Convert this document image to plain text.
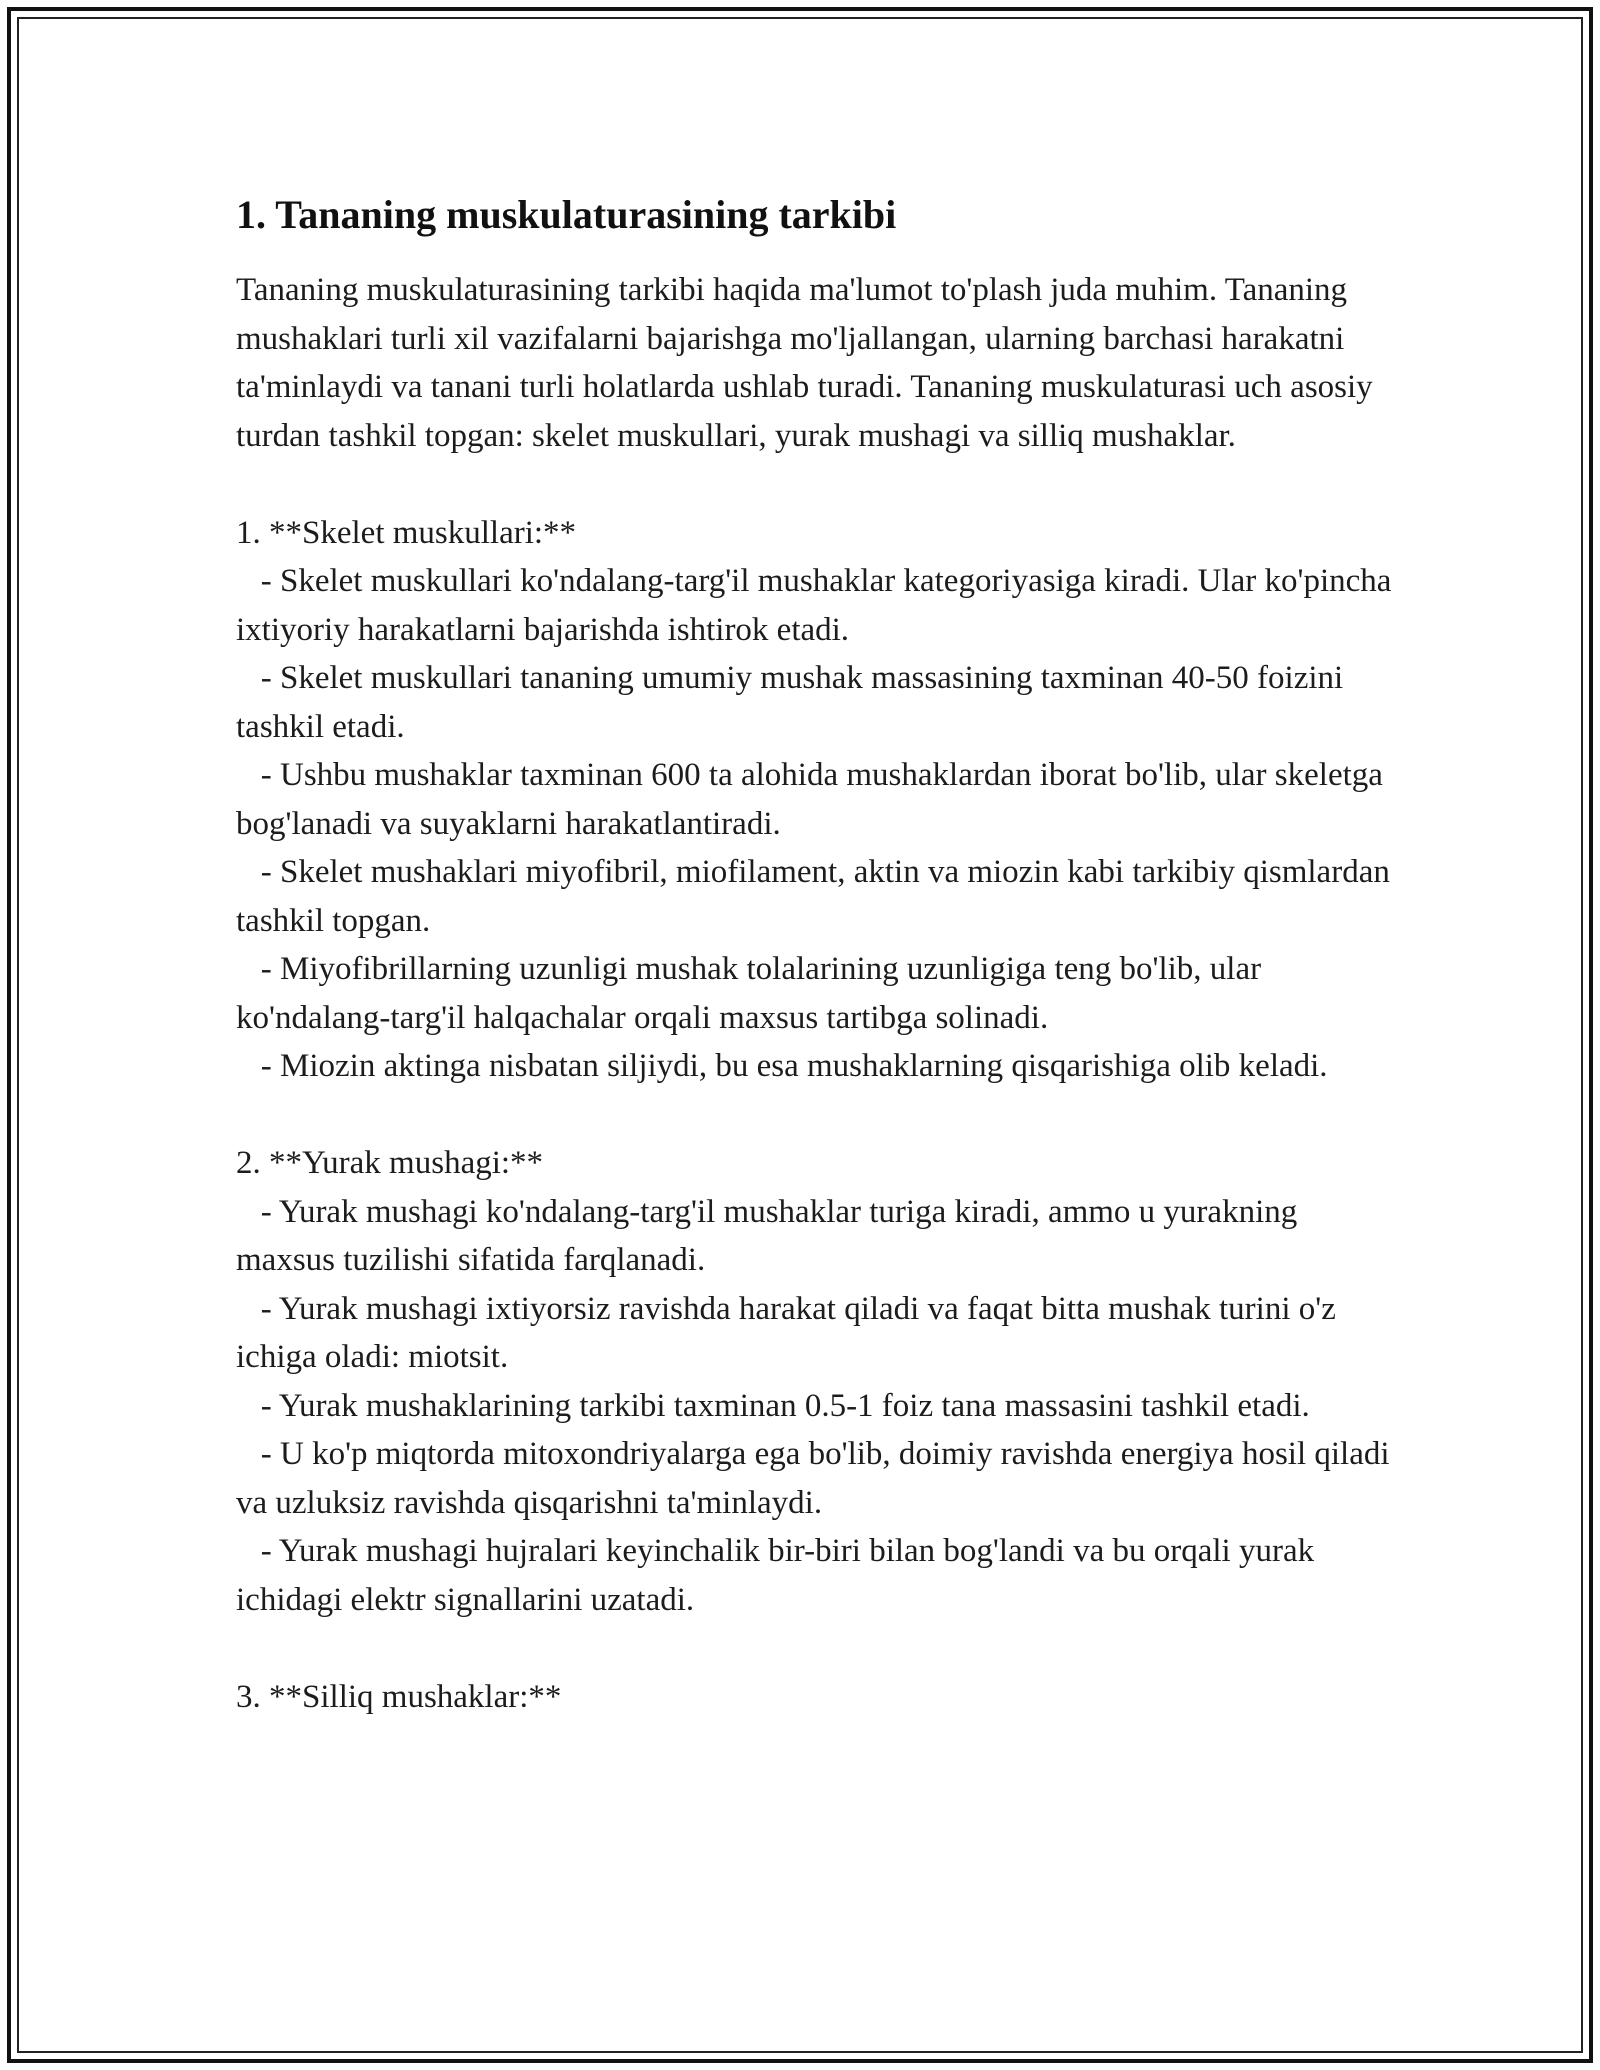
1. Tananing muskulaturasining tarkibi

Tananing muskulaturasining tarkibi haqida ma'lumot to'plash juda muhim. Tananing mushaklari turli xil vazifalarni bajarishga mo'ljallangan, ularning barchasi harakatni ta'minlaydi va tanani turli holatlarda ushlab turadi. Tananing muskulaturasi uch asosiy turdan tashkil topgan: skelet muskullari, yurak mushagi va silliq mushaklar.

1. **Skelet muskullari:**

- Skelet muskullari ko'ndalang-targ'il mushaklar kategoriyasiga kiradi. Ular ko'pincha ixtiyoriy harakatlarni bajarishda ishtirok etadi.

- Skelet muskullari tananing umumiy mushak massasining taxminan 40-50 foizini tashkil etadi.

- Ushbu mushaklar taxminan 600 ta alohida mushaklardan iborat bo'lib, ular skeletga bog'lanadi va suyaklarni harakatlantiradi.

- Skelet mushaklari miyofibril, miofilament, aktin va miozin kabi tarkibiy qismlardan tashkil topgan.

- Miyofibrillarning uzunligi mushak tolalarining uzunligiga teng bo'lib, ular ko'ndalang-targ'il halqachalar orqali maxsus tartibga solinadi.

- Miozin aktinga nisbatan siljiydi, bu esa mushaklarning qisqarishiga olib keladi.

2. **Yurak mushagi:**

- Yurak mushagi ko'ndalang-targ'il mushaklar turiga kiradi, ammo u yurakning maxsus tuzilishi sifatida farqlanadi.

- Yurak mushagi ixtiyorsiz ravishda harakat qiladi va faqat bitta mushak turini o'z ichiga oladi: miotsit.

- Yurak mushaklarining tarkibi taxminan 0.5-1 foiz tana massasini tashkil etadi.

- U ko'p miqtorda mitoxondriyalarga ega bo'lib, doimiy ravishda energiya hosil qiladi va uzluksiz ravishda qisqarishni ta'minlaydi.

- Yurak mushagi hujralari keyinchalik bir-biri bilan bog'landi va bu orqali yurak ichidagi elektr signallarini uzatadi.

3. **Silliq mushaklar:**
